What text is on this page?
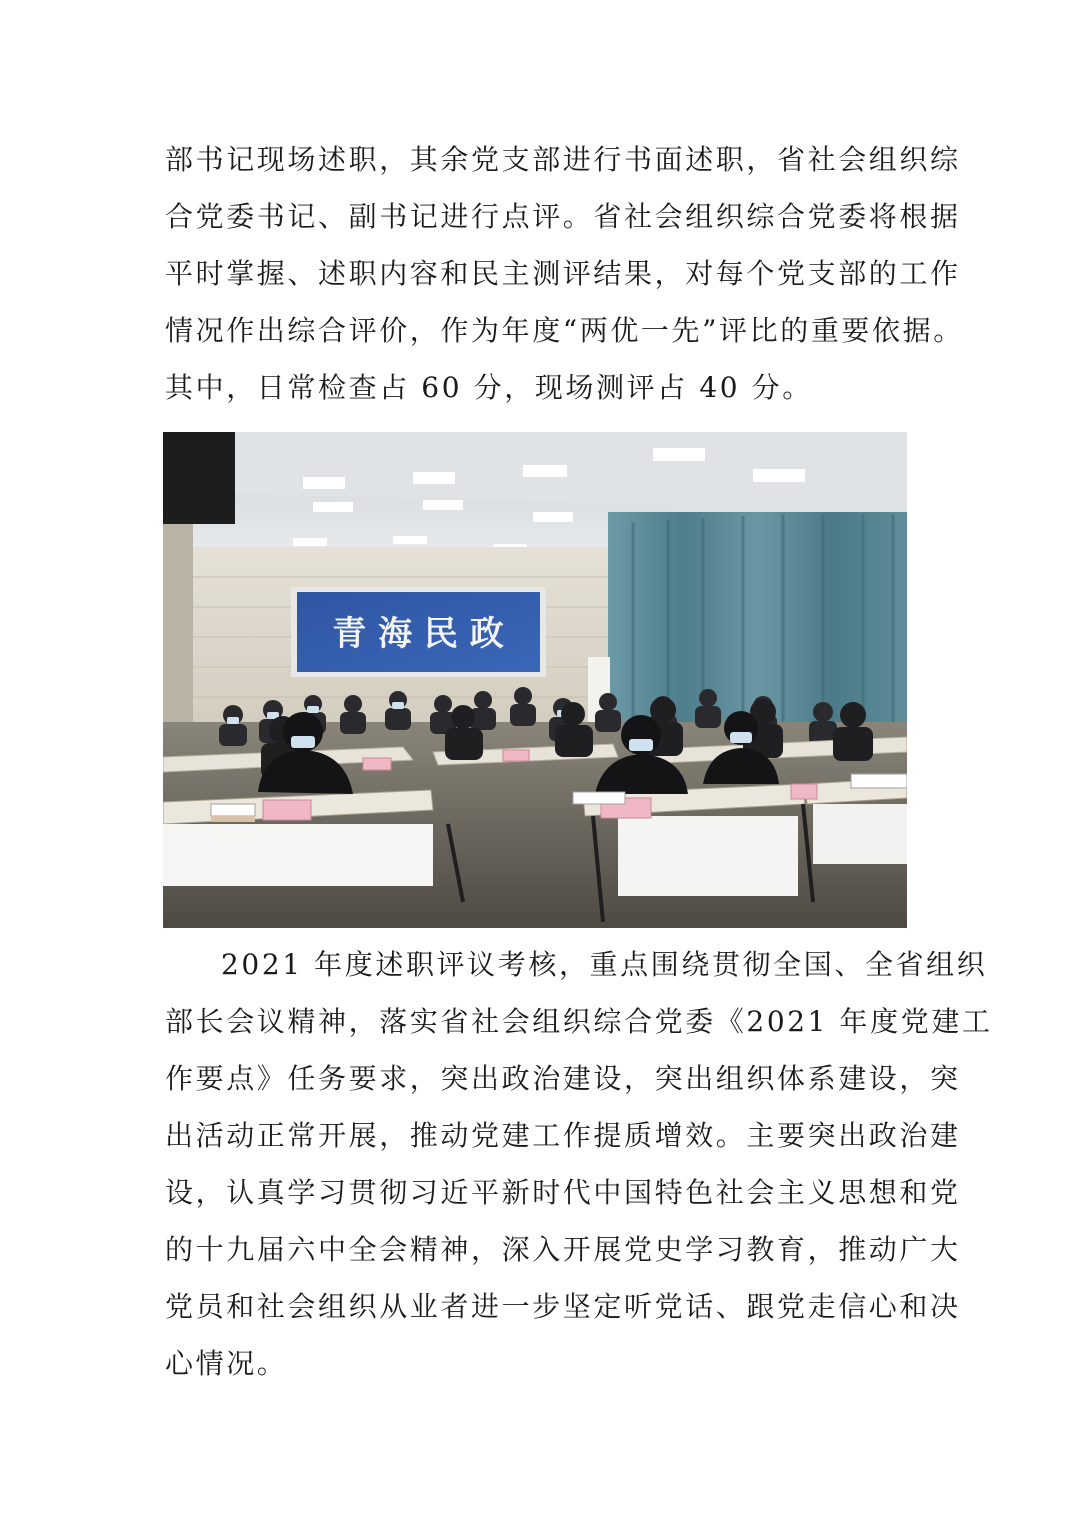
部书记现场述职，其余党支部进行书面述职，省社会组织综
合党委书记、副书记进行点评。省社会组织综合党委将根据
平时掌握、述职内容和民主测评结果，对每个党支部的工作
情况作出综合评价，作为年度“两优一先”评比的重要依据。
其中，日常检查占 60 分，现场测评占 40 分。
青 海 民 政
2021 年度述职评议考核，重点围绕贯彻全国、全省组织
部长会议精神，落实省社会组织综合党委《2021 年度党建工
作要点》任务要求，突出政治建设，突出组织体系建设，突
出活动正常开展，推动党建工作提质增效。主要突出政治建
设，认真学习贯彻习近平新时代中国特色社会主义思想和党
的十九届六中全会精神，深入开展党史学习教育，推动广大
党员和社会组织从业者进一步坚定听党话、跟党走信心和决
心情况。
